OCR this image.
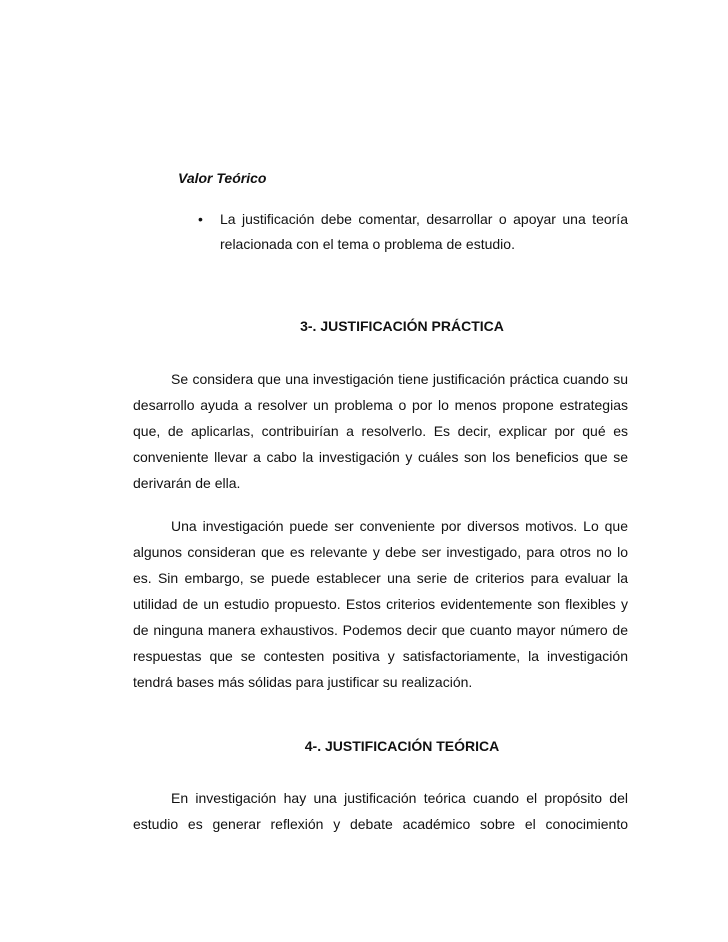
Valor Teórico
• La justificación debe comentar, desarrollar o apoyar una teoría relacionada con el tema o problema de estudio.
3-. JUSTIFICACIÓN PRÁCTICA
Se considera que una investigación tiene justificación práctica cuando su desarrollo ayuda a resolver un problema o por lo menos propone estrategias que, de aplicarlas, contribuirían a resolverlo. Es decir, explicar por qué es conveniente llevar a cabo la investigación y cuáles son los beneficios que se derivarán de ella.
Una investigación puede ser conveniente por diversos motivos. Lo que algunos consideran que es relevante y debe ser investigado, para otros no lo es. Sin embargo, se puede establecer una serie de criterios para evaluar la utilidad de un estudio propuesto. Estos criterios evidentemente son flexibles y de ninguna manera exhaustivos. Podemos decir que cuanto mayor número de respuestas que se contesten positiva y satisfactoriamente, la investigación tendrá bases más sólidas para justificar su realización.
4-. JUSTIFICACIÓN TEÓRICA
En investigación hay una justificación teórica cuando el propósito del estudio es generar reflexión y debate académico sobre el conocimiento
